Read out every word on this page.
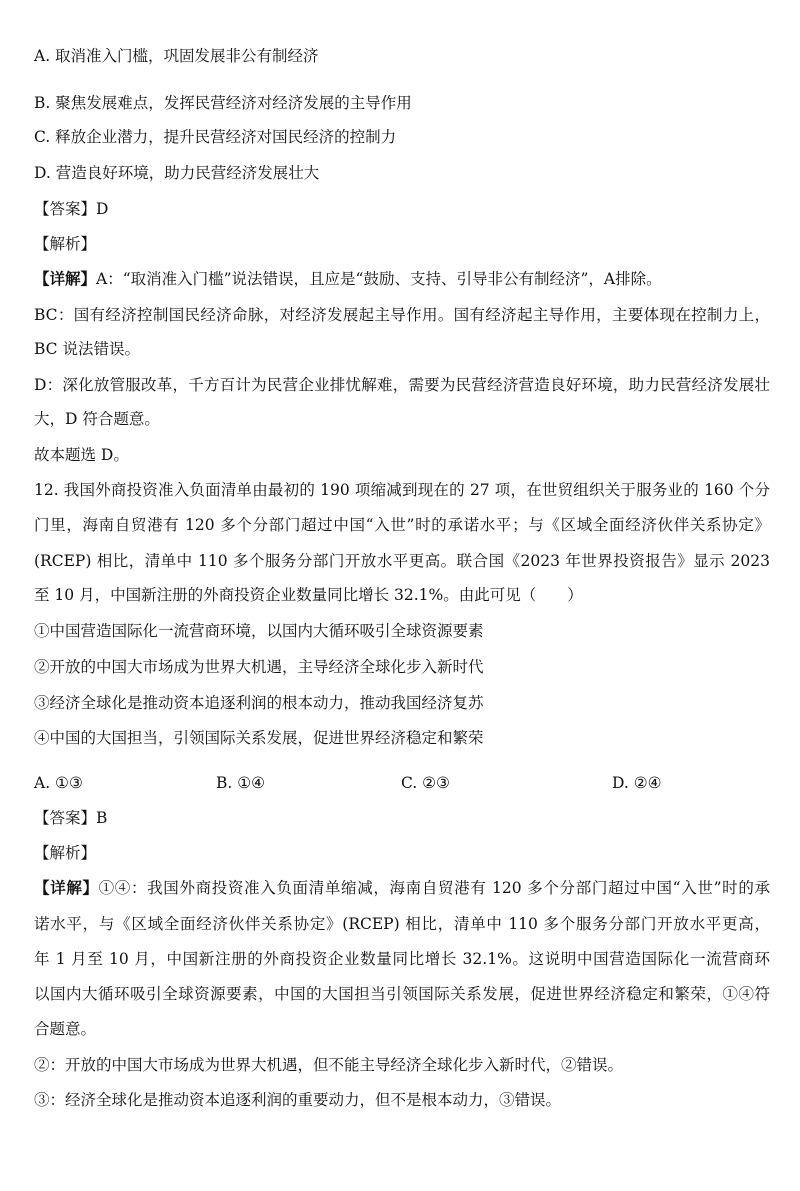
A. 取消准入门槛，巩固发展非公有制经济
B. 聚焦发展难点，发挥民营经济对经济发展的主导作用
C. 释放企业潜力，提升民营经济对国民经济的控制力
D. 营造良好环境，助力民营经济发展壮大
【答案】D
【解析】
【详解】A：“取消准入门槛”说法错误，且应是“鼓励、支持、引导非公有制经济”，A排除。
BC：国有经济控制国民经济命脉，对经济发展起主导作用。国有经济起主导作用，主要体现在控制力上，
BC 说法错误。
D：深化放管服改革，千方百计为民营企业排忧解难，需要为民营经济营造良好环境，助力民营经济发展壮
大，D 符合题意。
故本题选 D。
12. 我国外商投资准入负面清单由最初的 190 项缩减到现在的 27 项，在世贸组织关于服务业的 160 个分
门里，海南自贸港有 120 多个分部门超过中国“入世”时的承诺水平；与《区域全面经济伙伴关系协定》
(RCEP) 相比，清单中 110 多个服务分部门开放水平更高。联合国《2023 年世界投资报告》显示 2023
至 10 月，中国新注册的外商投资企业数量同比增长 32.1%。由此可见（　　）
①中国营造国际化一流营商环境，以国内大循环吸引全球资源要素
②开放的中国大市场成为世界大机遇，主导经济全球化步入新时代
③经济全球化是推动资本追逐利润的根本动力，推动我国经济复苏
④中国的大国担当，引领国际关系发展，促进世界经济稳定和繁荣
A. ①③	B. ①④	C. ②③	D. ②④
【答案】B
【解析】
【详解】①④：我国外商投资准入负面清单缩减，海南自贸港有 120 多个分部门超过中国“入世”时的承
诺水平，与《区域全面经济伙伴关系协定》(RCEP) 相比，清单中 110 多个服务分部门开放水平更高，
年 1 月至 10 月，中国新注册的外商投资企业数量同比增长 32.1%。这说明中国营造国际化一流营商环
以国内大循环吸引全球资源要素，中国的大国担当引领国际关系发展，促进世界经济稳定和繁荣，①④符
合题意。
②：开放的中国大市场成为世界大机遇，但不能主导经济全球化步入新时代，②错误。
③：经济全球化是推动资本追逐利润的重要动力，但不是根本动力，③错误。
